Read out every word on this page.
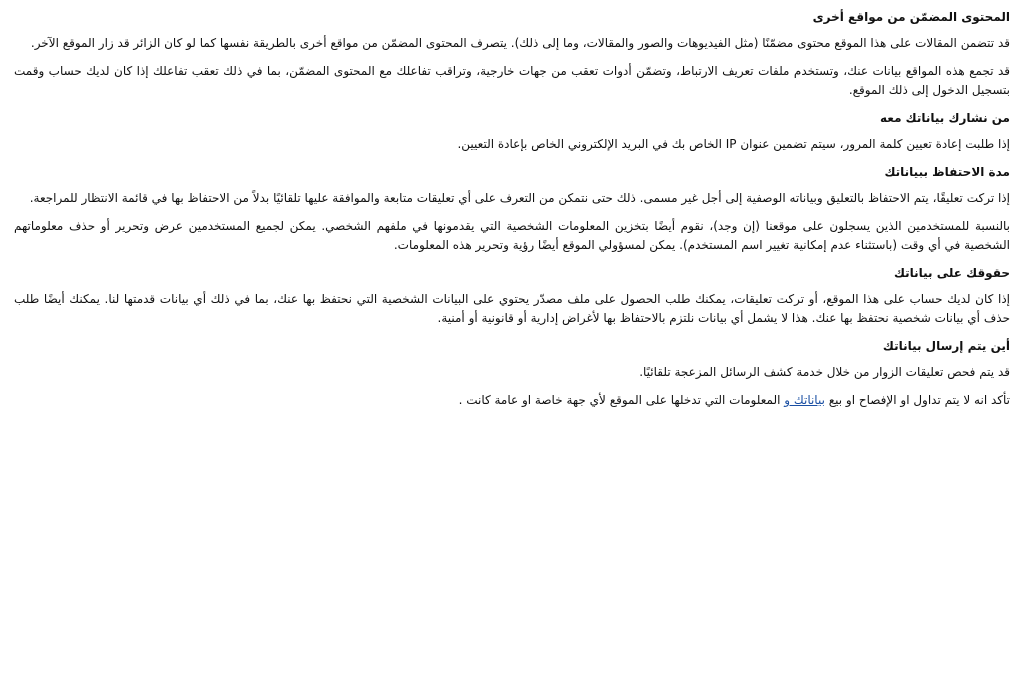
المحتوى المضمّن من مواقع أخرى

قد تتضمن المقالات على هذا الموقع محتوى مضمّنًا (مثل الفيديوهات والصور والمقالات، وما إلى ذلك). يتصرف المحتوى المضمّن من مواقع أخرى بالطريقة نفسها كما لو كان الزائر قد زار الموقع الآخر.

قد تجمع هذه المواقع بيانات عنك، وتستخدم ملفات تعريف الارتباط، وتضمّن أدوات تعقب من جهات خارجية، وتراقب تفاعلك مع المحتوى المضمّن، بما في ذلك تعقب تفاعلك إذا كان لديك حساب وقمت بتسجيل الدخول إلى ذلك الموقع.

من نشارك بياناتك معه

إذا طلبت إعادة تعيين كلمة المرور، سيتم تضمين عنوان IP الخاص بك في البريد الإلكتروني الخاص بإعادة التعيين.

مدة الاحتفاظ ببياناتك

إذا تركت تعليقًا، يتم الاحتفاظ بالتعليق وبياناته الوصفية إلى أجل غير مسمى. ذلك حتى نتمكن من التعرف على أي تعليقات متابعة والموافقة عليها تلقائيًا بدلاً من الاحتفاظ بها في قائمة الانتظار للمراجعة.

بالنسبة للمستخدمين الذين يسجلون على موقعنا (إن وجد)، نقوم أيضًا بتخزين المعلومات الشخصية التي يقدمونها في ملفهم الشخصي. يمكن لجميع المستخدمين عرض وتحرير أو حذف معلوماتهم الشخصية في أي وقت (باستثناء عدم إمكانية تغيير اسم المستخدم). يمكن لمسؤولي الموقع أيضًا رؤية وتحرير هذه المعلومات.

حقوقك على بياناتك

إذا كان لديك حساب على هذا الموقع، أو تركت تعليقات، يمكنك طلب الحصول على ملف مصدّر يحتوي على البيانات الشخصية التي نحتفظ بها عنك، بما في ذلك أي بيانات قدمتها لنا. يمكنك أيضًا طلب حذف أي بيانات شخصية نحتفظ بها عنك. هذا لا يشمل أي بيانات نلتزم بالاحتفاظ بها لأغراض إدارية أو قانونية أو أمنية.

أين يتم إرسال بياناتك

قد يتم فحص تعليقات الزوار من خلال خدمة كشف الرسائل المزعجة تلقائيًا.

تأكد انه لا يتم تداول او الإفصاح او بيع بياناتك و المعلومات التي تدخلها على الموقع لأي جهة خاصة او عامة كانت .
